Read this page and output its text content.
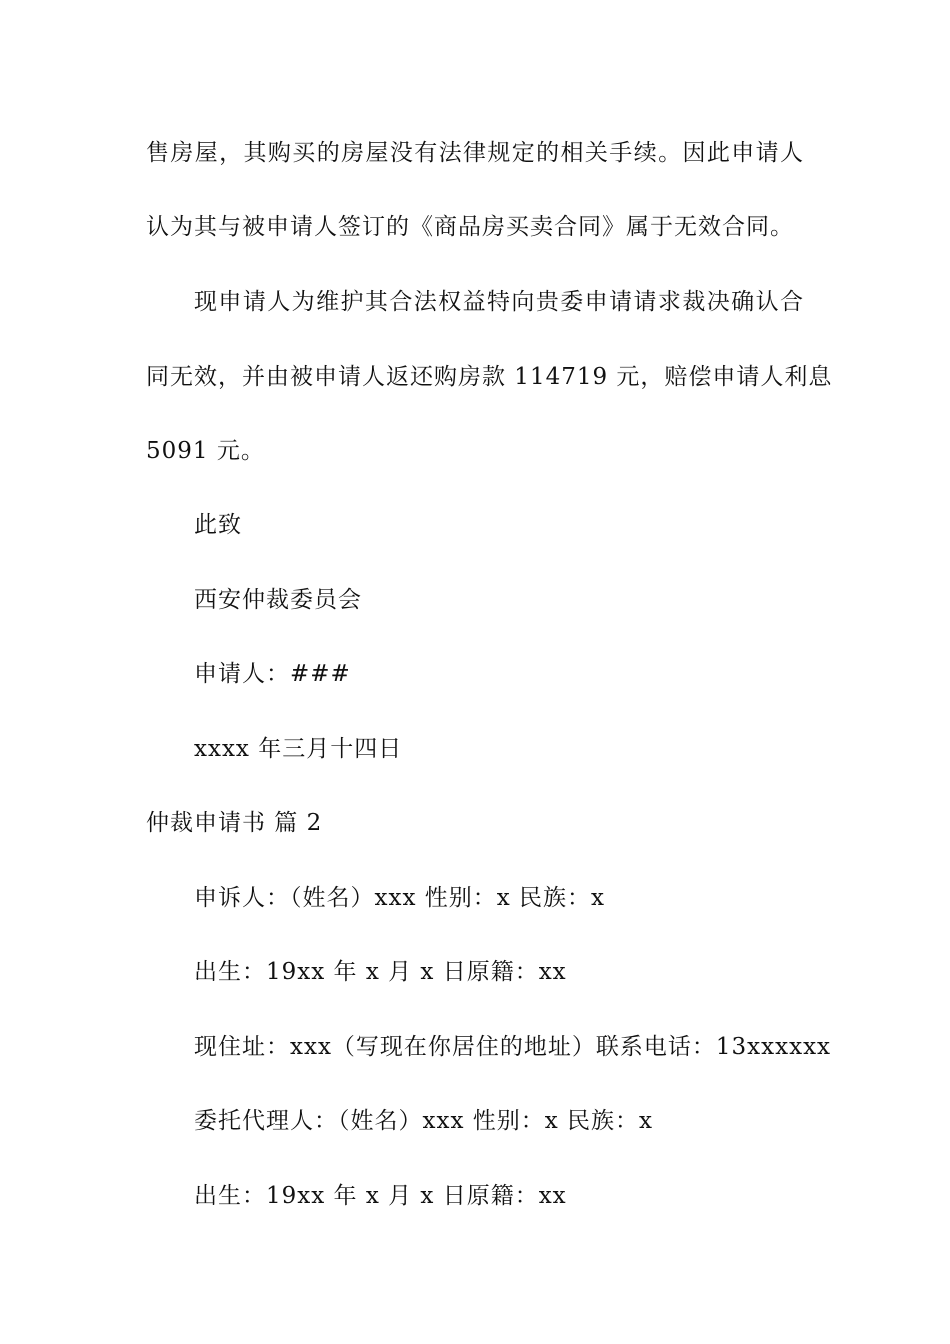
售房屋，其购买的房屋没有法律规定的相关手续。因此申请人
认为其与被申请人签订的《商品房买卖合同》属于无效合同。
现申请人为维护其合法权益特向贵委申请请求裁决确认合
同无效，并由被申请人返还购房款 114719 元，赔偿申请人利息
5091 元。
此致
西安仲裁委员会
申请人：###
xxxx 年三月十四日
仲裁申请书 篇 2
申诉人：（姓名）xxx 性别：x 民族：x
出生：19xx 年 x 月 x 日原籍：xx
现住址：xxx（写现在你居住的地址）联系电话：13xxxxxx
委托代理人：（姓名）xxx 性别：x 民族：x
出生：19xx 年 x 月 x 日原籍：xx
